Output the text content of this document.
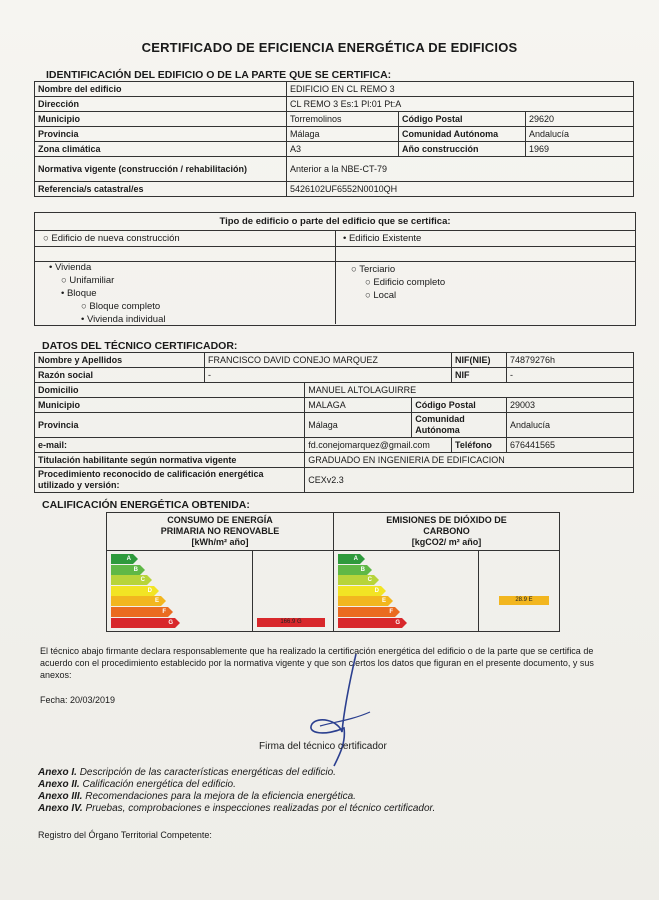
CERTIFICADO DE EFICIENCIA ENERGÉTICA DE EDIFICIOS
IDENTIFICACIÓN DEL EDIFICIO O DE LA PARTE QUE SE CERTIFICA:
Nombre del edificio	EDIFICIO EN CL REMO 3		
Dirección	CL REMO 3 Es:1 Pl:01 Pt:A		
Municipio	Torremolinos	Código Postal	29620
Provincia	Málaga	Comunidad Autónoma	Andalucía
Zona climática	A3	Año construcción	1969
Normativa vigente (construcción / rehabilitación)	Anterior a la NBE-CT-79		
Referencia/s catastral/es	5426102UF6552N0010QH		
Tipo de edificio o parte del edificio que se certifica:
○ Edificio de nueva construcción	• Edificio Existente
• Vivienda
○ Unifamiliar
• Bloque
○ Bloque completo
• Vivienda individual
○ Terciario
○ Edificio completo
○ Local
DATOS DEL TÉCNICO CERTIFICADOR:
Nombre y Apellidos	FRANCISCO DAVID CONEJO MARQUEZ			NIF(NIE)	74879276h
Razón social	-			NIF	-
Domicilio		MANUEL ALTOLAGUIRRE			
Municipio		MALAGA	Código Postal		29003
Provincia		Málaga	Comunidad Autónoma		Andalucía
e-mail:		fd.conejomarquez@gmail.com		Teléfono	676441565
Titulación habilitante según normativa vigente		GRADUADO EN INGENIERIA DE EDIFICACION			
Procedimiento reconocido de calificación energética utilizado y versión:		CEXv2.3			
CALIFICACIÓN ENERGÉTICA OBTENIDA:
CONSUMO DE ENERGÍA PRIMARIA NO RENOVABLE
[kWh/m² año]
EMISIONES DE DIÓXIDO DE CARBONO
[kgCO2/ m² año]
A
B
C
D
E
F
G
A
B
C
D
E
F
G
166.9 G
28.9 E
El técnico abajo firmante declara responsablemente que ha realizado la certificación energética del edificio o de la parte que se certifica de acuerdo con el procedimiento establecido por la normativa vigente y que son ciertos los datos que figuran en el presente documento, y sus anexos:
Fecha: 20/03/2019
Firma del técnico certificador
Anexo I. Descripción de las características energéticas del edificio.
Anexo II. Calificación energética del edificio.
Anexo III. Recomendaciones para la mejora de la eficiencia energética.
Anexo IV. Pruebas, comprobaciones e inspecciones realizadas por el técnico certificador.
Registro del Órgano Territorial Competente:
